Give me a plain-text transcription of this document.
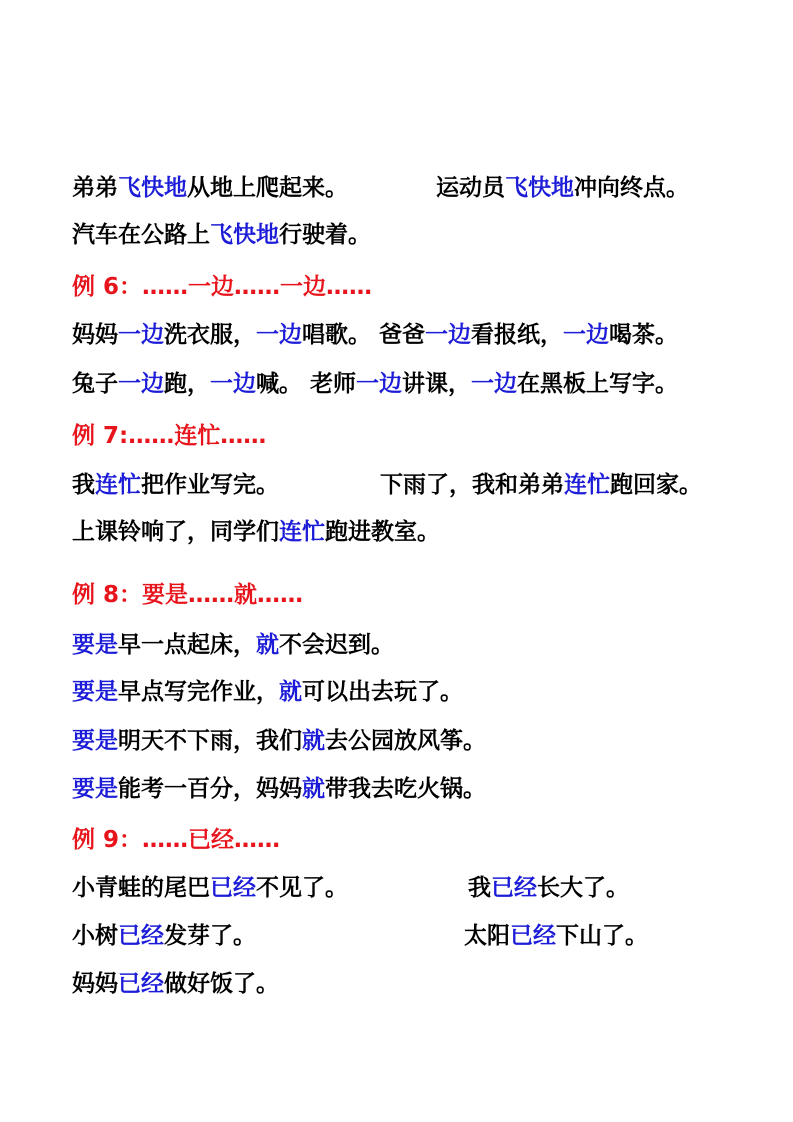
弟弟飞快地从地上爬起来。	运动员飞快地冲向终点。
汽车在公路上飞快地行驶着。
例 6：……一边……一边……
妈妈一边洗衣服，一边唱歌。 爸爸一边看报纸，一边喝茶。
兔子一边跑，一边喊。 老师一边讲课，一边在黑板上写字。
例 7:……连忙……
我连忙把作业写完。	下雨了，我和弟弟连忙跑回家。
上课铃响了，同学们连忙跑进教室。
例 8：要是……就……
要是早一点起床，就不会迟到。
要是早点写完作业，就可以出去玩了。
要是明天不下雨，我们就去公园放风筝。
要是能考一百分，妈妈就带我去吃火锅。
例 9：……已经……
小青蛙的尾巴已经不见了。	我已经长大了。
小树已经发芽了。	太阳已经下山了。
妈妈已经做好饭了。
